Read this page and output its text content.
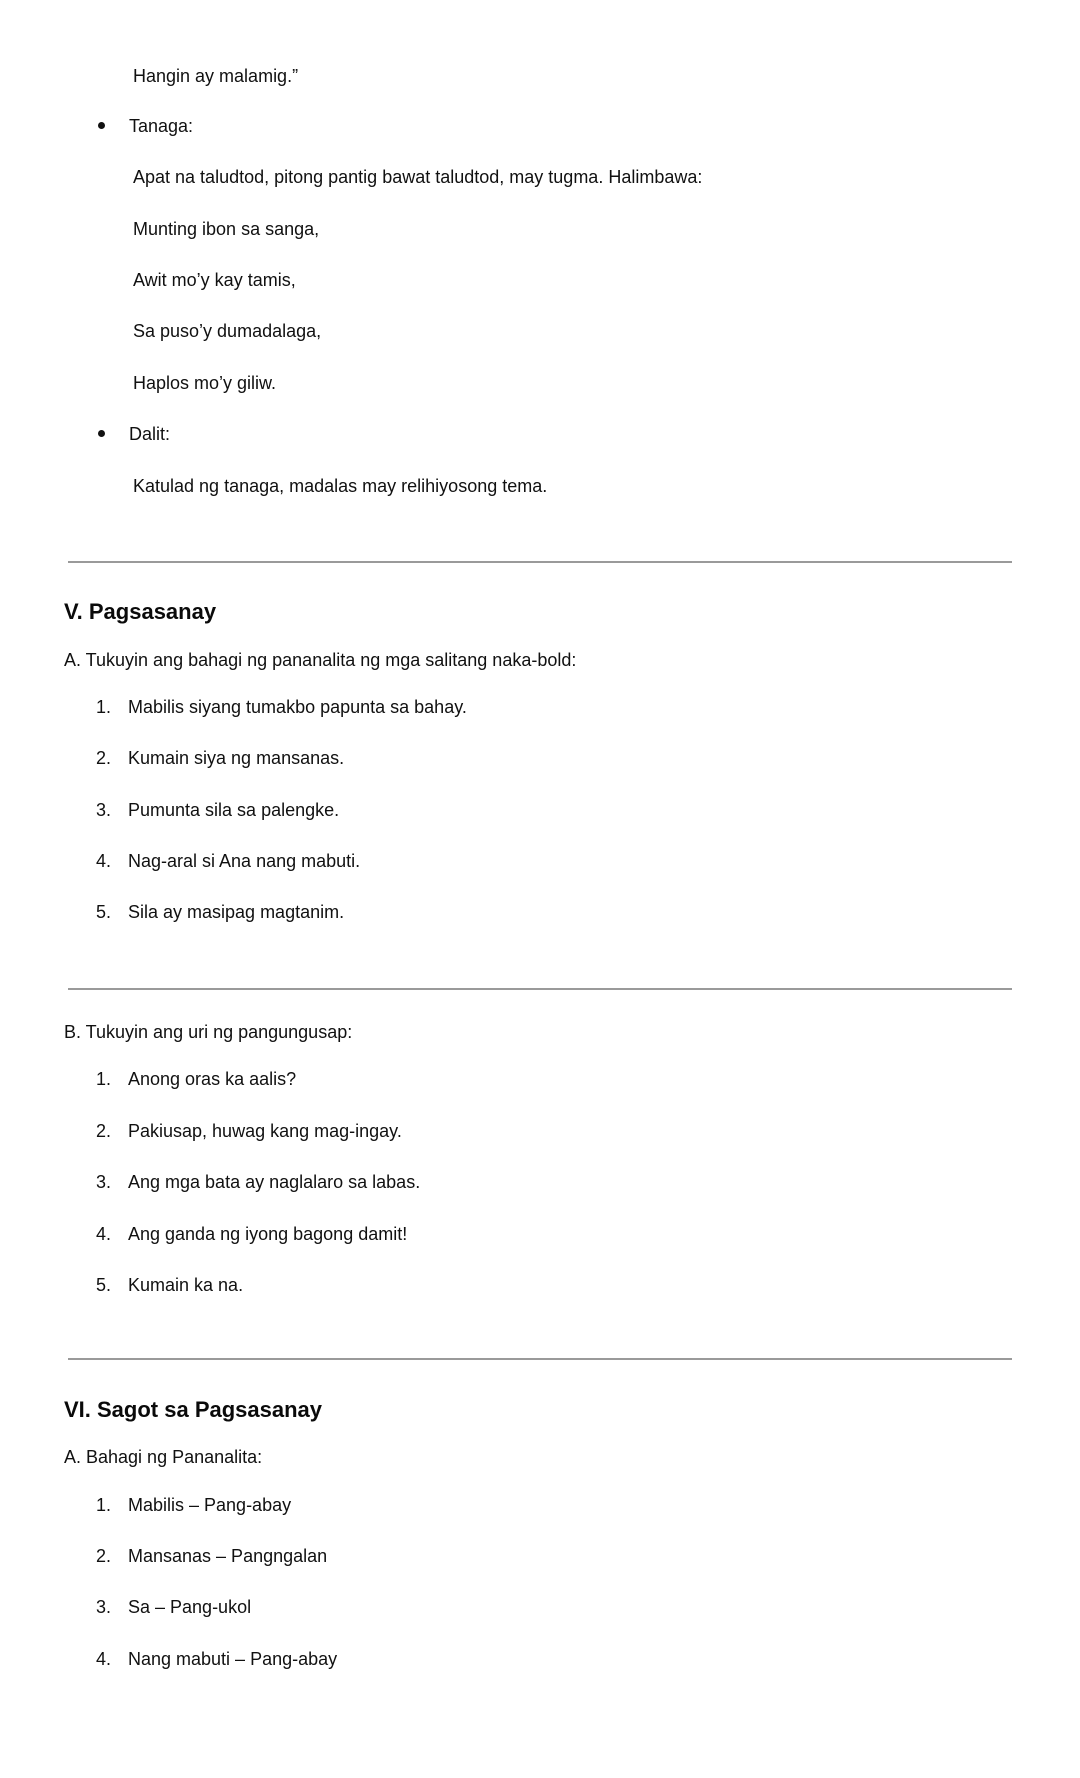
Hangin ay malamig.”
Tanaga:
Apat na taludtod, pitong pantig bawat taludtod, may tugma. Halimbawa:
Munting ibon sa sanga,
Awit mo’y kay tamis,
Sa puso’y dumadalaga,
Haplos mo’y giliw.
Dalit:
Katulad ng tanaga, madalas may relihiyosong tema.
V. Pagsasanay
A. Tukuyin ang bahagi ng pananalita ng mga salitang naka-bold:
1. Mabilis siyang tumakbo papunta sa bahay.
2. Kumain siya ng mansanas.
3. Pumunta sila sa palengke.
4. Nag-aral si Ana nang mabuti.
5. Sila ay masipag magtanim.
B. Tukuyin ang uri ng pangungusap:
1. Anong oras ka aalis?
2. Pakiusap, huwag kang mag-ingay.
3. Ang mga bata ay naglalaro sa labas.
4. Ang ganda ng iyong bagong damit!
5. Kumain ka na.
VI. Sagot sa Pagsasanay
A. Bahagi ng Pananalita:
1. Mabilis – Pang-abay
2. Mansanas – Pangngalan
3. Sa – Pang-ukol
4. Nang mabuti – Pang-abay
